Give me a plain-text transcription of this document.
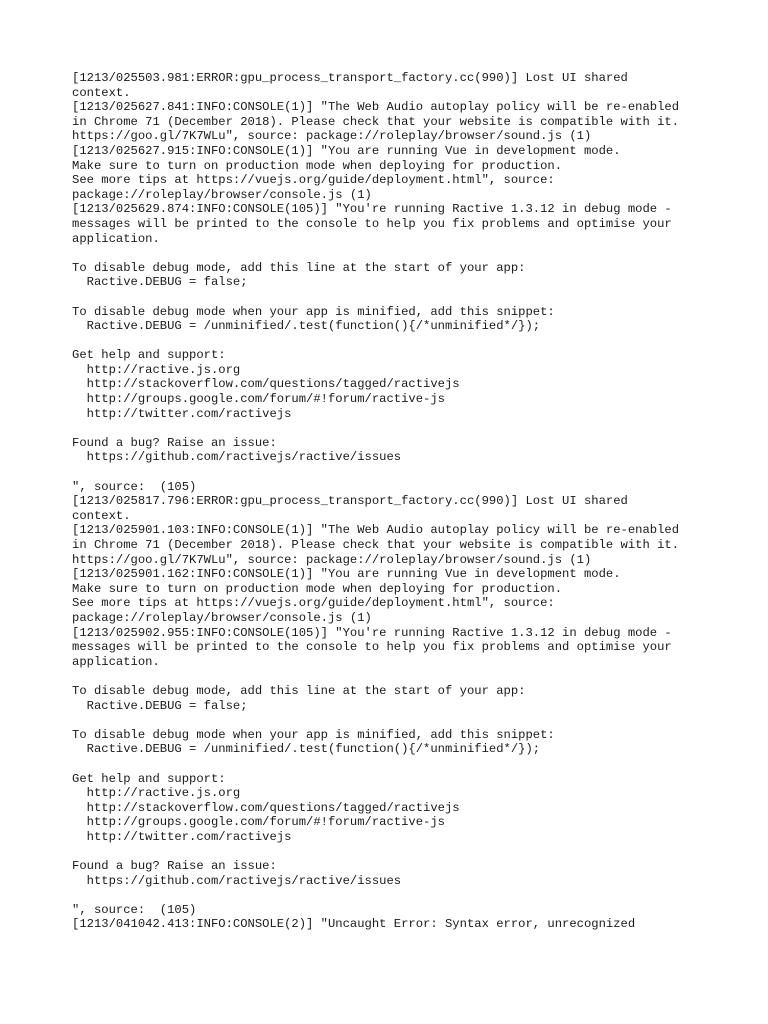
[1213/025503.981:ERROR:gpu_process_transport_factory.cc(990)] Lost UI shared
context.
[1213/025627.841:INFO:CONSOLE(1)] "The Web Audio autoplay policy will be re-enabled
in Chrome 71 (December 2018). Please check that your website is compatible with it.
https://goo.gl/7K7WLu", source: package://roleplay/browser/sound.js (1)
[1213/025627.915:INFO:CONSOLE(1)] "You are running Vue in development mode.
Make sure to turn on production mode when deploying for production.
See more tips at https://vuejs.org/guide/deployment.html", source:
package://roleplay/browser/console.js (1)
[1213/025629.874:INFO:CONSOLE(105)] "You're running Ractive 1.3.12 in debug mode -
messages will be printed to the console to help you fix problems and optimise your
application.

To disable debug mode, add this line at the start of your app:
Ractive.DEBUG = false;

To disable debug mode when your app is minified, add this snippet:
Ractive.DEBUG = /unminified/.test(function(){/*unminified*/});

Get help and support:
http://ractive.js.org
http://stackoverflow.com/questions/tagged/ractivejs
http://groups.google.com/forum/#!forum/ractive-js
http://twitter.com/ractivejs

Found a bug? Raise an issue:
https://github.com/ractivejs/ractive/issues

", source:  (105)
[1213/025817.796:ERROR:gpu_process_transport_factory.cc(990)] Lost UI shared
context.
[1213/025901.103:INFO:CONSOLE(1)] "The Web Audio autoplay policy will be re-enabled
in Chrome 71 (December 2018). Please check that your website is compatible with it.
https://goo.gl/7K7WLu", source: package://roleplay/browser/sound.js (1)
[1213/025901.162:INFO:CONSOLE(1)] "You are running Vue in development mode.
Make sure to turn on production mode when deploying for production.
See more tips at https://vuejs.org/guide/deployment.html", source:
package://roleplay/browser/console.js (1)
[1213/025902.955:INFO:CONSOLE(105)] "You're running Ractive 1.3.12 in debug mode -
messages will be printed to the console to help you fix problems and optimise your
application.

To disable debug mode, add this line at the start of your app:
Ractive.DEBUG = false;

To disable debug mode when your app is minified, add this snippet:
Ractive.DEBUG = /unminified/.test(function(){/*unminified*/});

Get help and support:
http://ractive.js.org
http://stackoverflow.com/questions/tagged/ractivejs
http://groups.google.com/forum/#!forum/ractive-js
http://twitter.com/ractivejs

Found a bug? Raise an issue:
https://github.com/ractivejs/ractive/issues

", source:  (105)
[1213/041042.413:INFO:CONSOLE(2)] "Uncaught Error: Syntax error, unrecognized
